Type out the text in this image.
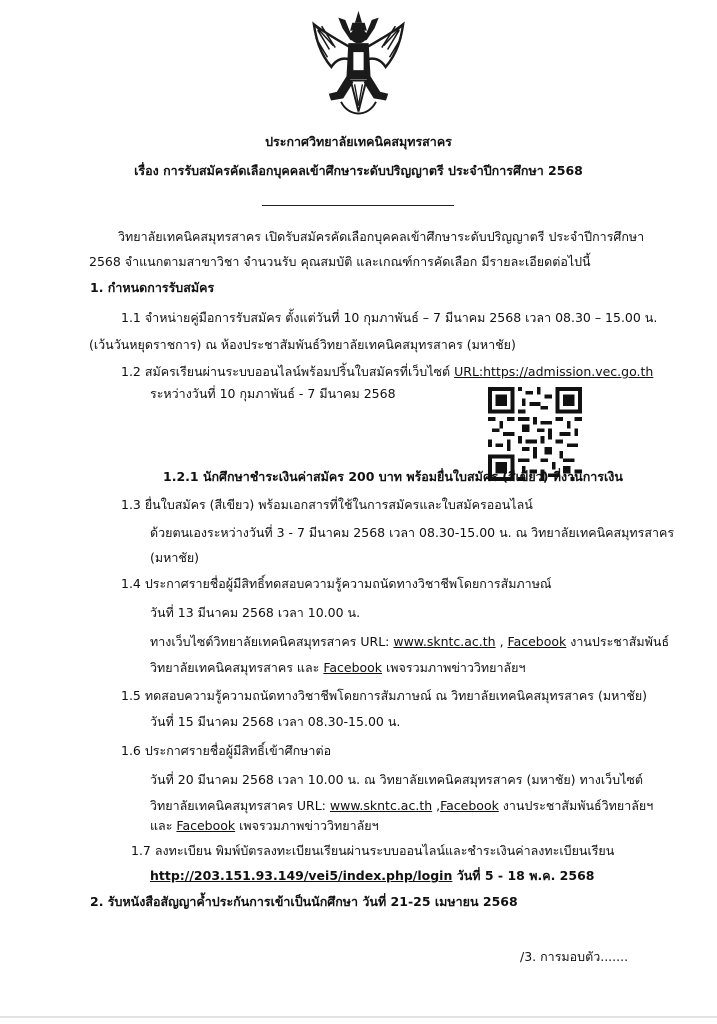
ประกาศวิทยาลัยเทคนิคสมุทรสาคร
เรื่อง การรับสมัครคัดเลือกบุคคลเข้าศึกษาระดับปริญญาตรี ประจำปีการศึกษา 2568
วิทยาลัยเทคนิคสมุทรสาคร เปิดรับสมัครคัดเลือกบุคคลเข้าศึกษาระดับปริญญาตรี ประจำปีการศึกษา
2568 จำแนกตามสาขาวิชา จำนวนรับ คุณสมบัติ และเกณฑ์การคัดเลือก มีรายละเอียดต่อไปนี้
1. กำหนดการรับสมัคร
1.1 จำหน่ายคู่มือการรับสมัคร ตั้งแต่วันที่ 10 กุมภาพันธ์ – 7 มีนาคม 2568 เวลา 08.30 – 15.00 น.
(เว้นวันหยุดราชการ) ณ ห้องประชาสัมพันธ์วิทยาลัยเทคนิคสมุทรสาคร (มหาชัย)
1.2 สมัครเรียนผ่านระบบออนไลน์พร้อมปริ้นใบสมัครที่เว็บไซต์ URL:https://admission.vec.go.th
ระหว่างวันที่ 10 กุมภาพันธ์ - 7 มีนาคม 2568
1.2.1 นักศึกษาชำระเงินค่าสมัคร 200 บาท พร้อมยื่นใบสมัคร (สีเขียว) ที่งานการเงิน
1.3 ยื่นใบสมัคร (สีเขียว) พร้อมเอกสารที่ใช้ในการสมัครและใบสมัครออนไลน์
ด้วยตนเองระหว่างวันที่ 3 - 7 มีนาคม 2568 เวลา 08.30-15.00 น. ณ วิทยาลัยเทคนิคสมุทรสาคร
(มหาชัย)
1.4 ประกาศรายชื่อผู้มีสิทธิ์ทดสอบความรู้ความถนัดทางวิชาชีพโดยการสัมภาษณ์
วันที่ 13 มีนาคม 2568 เวลา 10.00 น.
ทางเว็บไซต์วิทยาลัยเทคนิคสมุทรสาคร URL: www.skntc.ac.th , Facebook งานประชาสัมพันธ์
วิทยาลัยเทคนิคสมุทรสาคร และ Facebook เพจรวมภาพข่าววิทยาลัยฯ
1.5 ทดสอบความรู้ความถนัดทางวิชาชีพโดยการสัมภาษณ์ ณ วิทยาลัยเทคนิคสมุทรสาคร (มหาชัย)
วันที่ 15 มีนาคม 2568 เวลา 08.30-15.00 น.
1.6 ประกาศรายชื่อผู้มีสิทธิ์เข้าศึกษาต่อ
วันที่ 20 มีนาคม 2568 เวลา 10.00 น. ณ วิทยาลัยเทคนิคสมุทรสาคร (มหาชัย) ทางเว็บไซต์
วิทยาลัยเทคนิคสมุทรสาคร URL: www.skntc.ac.th ,Facebook งานประชาสัมพันธ์วิทยาลัยฯ
และ Facebook เพจรวมภาพข่าววิทยาลัยฯ
1.7 ลงทะเบียน พิมพ์บัตรลงทะเบียนเรียนผ่านระบบออนไลน์และชำระเงินค่าลงทะเบียนเรียน
http://203.151.93.149/vei5/index.php/login วันที่ 5 - 18 พ.ค. 2568
2. รับหนังสือสัญญาค้ำประกันการเข้าเป็นนักศึกษา วันที่ 21-25 เมษายน 2568
/3. การมอบตัว.......
